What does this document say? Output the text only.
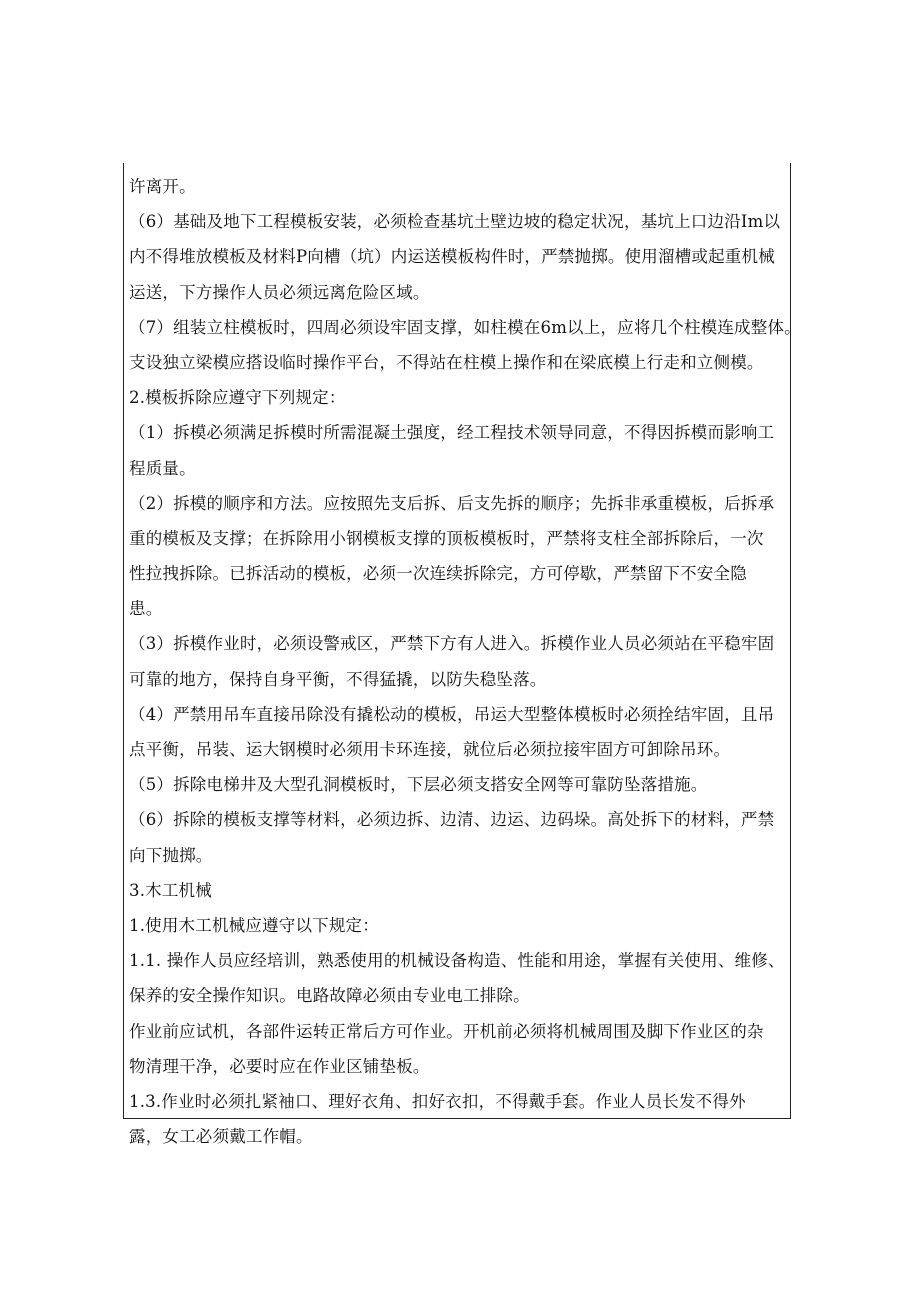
许离开。
（6）基础及地下工程模板安装，必须检查基坑土壁边坡的稳定状况，基坑上口边沿Im以
内不得堆放模板及材料P向槽（坑）内运送模板构件时，严禁抛掷。使用溜槽或起重机械
运送，下方操作人员必须远离危险区域。
（7）组装立柱模板时，四周必须设牢固支撑，如柱模在6m以上，应将几个柱模连成整体。
支设独立梁模应搭设临时操作平台，不得站在柱模上操作和在梁底模上行走和立侧模。
2.模板拆除应遵守下列规定：
（1）拆模必须满足拆模时所需混凝土强度，经工程技术领导同意，不得因拆模而影响工
程质量。
（2）拆模的顺序和方法。应按照先支后拆、后支先拆的顺序；先拆非承重模板，后拆承
重的模板及支撑；在拆除用小钢模板支撑的顶板模板时，严禁将支柱全部拆除后，一次
性拉拽拆除。已拆活动的模板，必须一次连续拆除完，方可停歇，严禁留下不安全隐
患。
（3）拆模作业时，必须设警戒区，严禁下方有人进入。拆模作业人员必须站在平稳牢固
可靠的地方，保持自身平衡，不得猛撬，以防失稳坠落。
（4）严禁用吊车直接吊除没有撬松动的模板，吊运大型整体模板时必须拴结牢固，且吊
点平衡，吊装、运大钢模时必须用卡环连接，就位后必须拉接牢固方可卸除吊环。
（5）拆除电梯井及大型孔洞模板时，下层必须支搭安全网等可靠防坠落措施。
（6）拆除的模板支撑等材料，必须边拆、边清、边运、边码垛。高处拆下的材料，严禁
向下抛掷。
3.木工机械
1.使用木工机械应遵守以下规定：
1.1. 操作人员应经培训，熟悉使用的机械设备构造、性能和用途，掌握有关使用、维修、
保养的安全操作知识。电路故障必须由专业电工排除。
作业前应试机，各部件运转正常后方可作业。开机前必须将机械周围及脚下作业区的杂
物清理干净，必要时应在作业区铺垫板。
1.3.作业时必须扎紧袖口、理好衣角、扣好衣扣，不得戴手套。作业人员长发不得外
露，女工必须戴工作帽。
